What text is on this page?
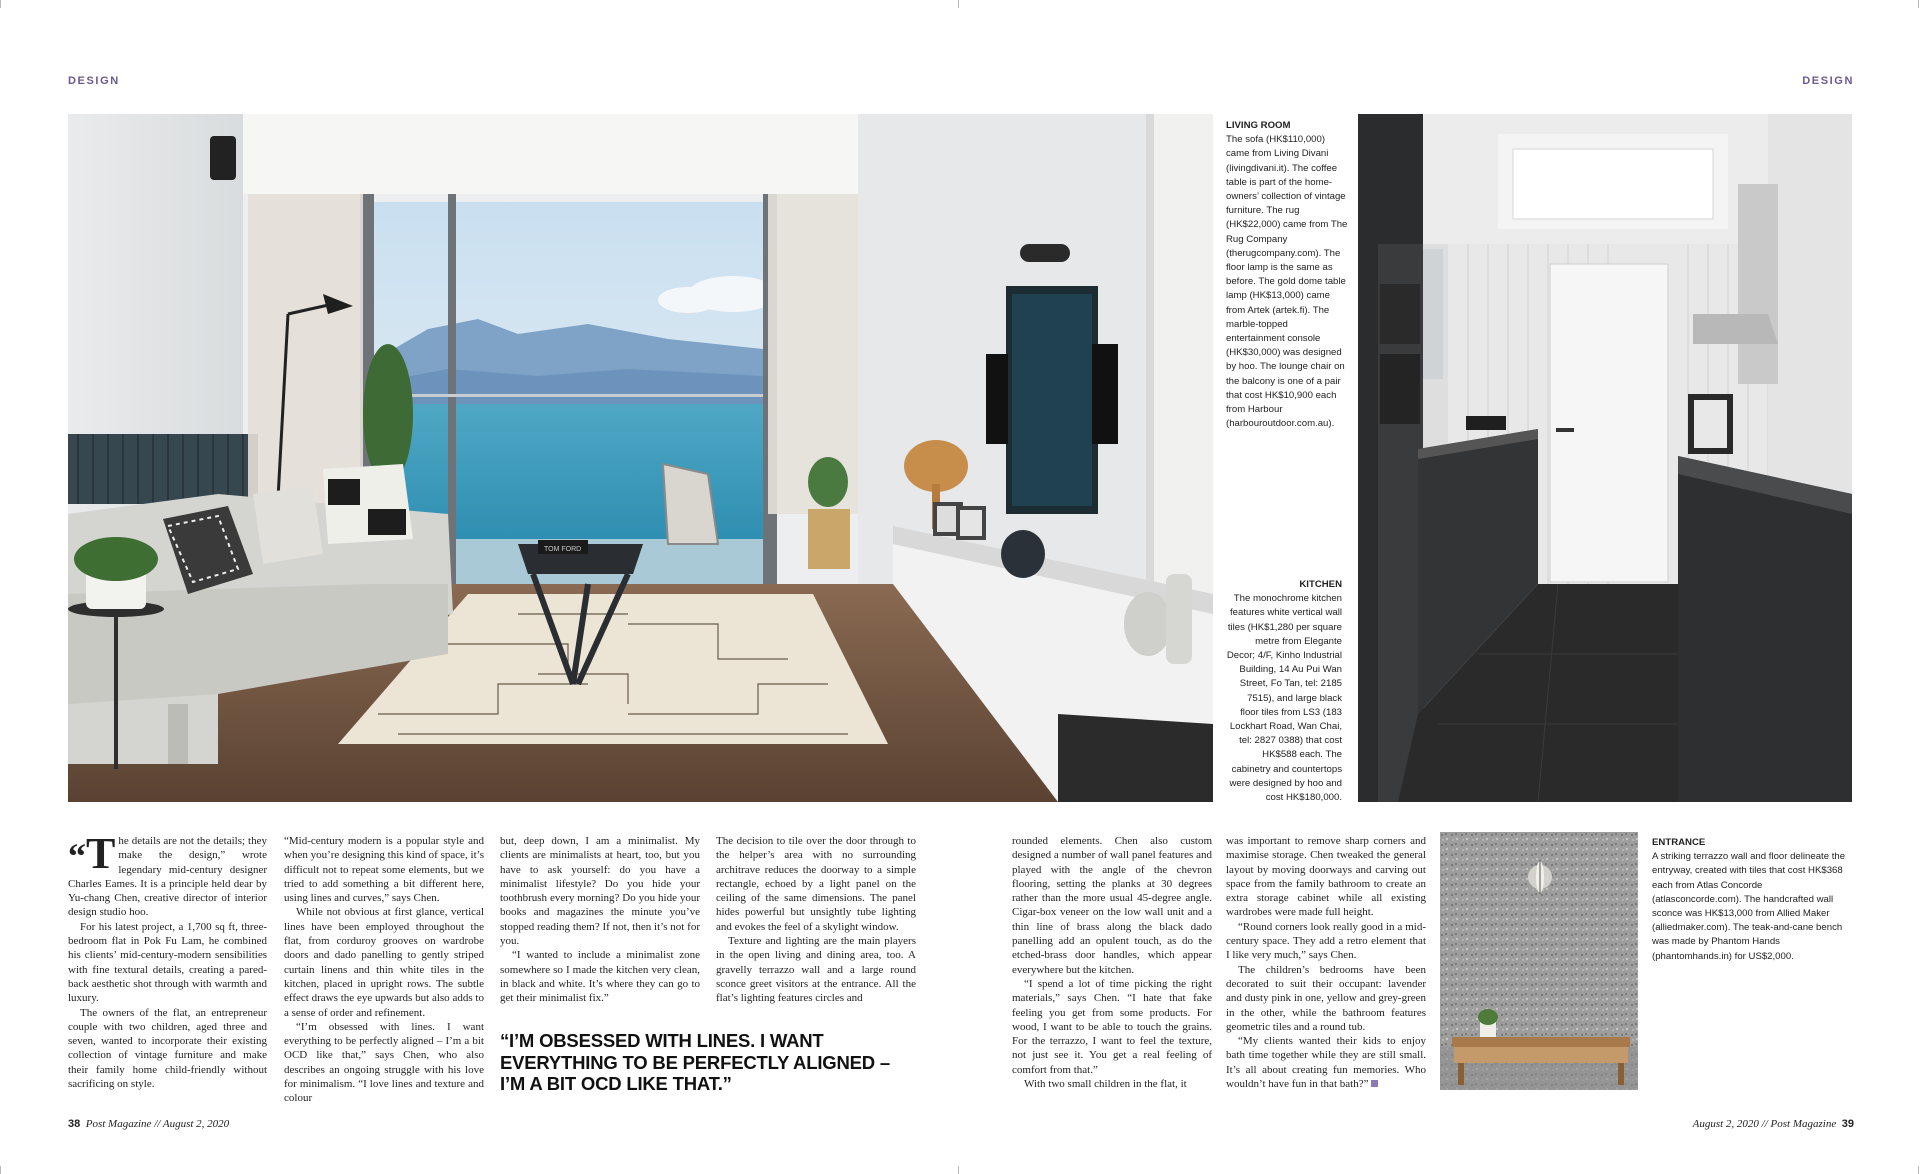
DESIGN	DESIGN
TOM FORD
LIVING ROOM
The sofa (HK$110,000) came from Living Divani (livingdivani.it). The coffee table is part of the home-owners’ collection of vintage furniture. The rug (HK$22,000) came from The Rug Company (therugcompany.com). The floor lamp is the same as before. The gold dome table lamp (HK$13,000) came from Artek (artek.fi). The marble-topped entertainment console (HK$30,000) was designed by hoo. The lounge chair on the balcony is one of a pair that cost HK$10,900 each from Harbour (harbouroutdoor.com.au).
KITCHEN
The monochrome kitchen features white vertical wall tiles (HK$1,280 per square metre from Elegante Decor; 4/F, Kinho Industrial Building, 14 Au Pui Wan Street, Fo Tan, tel: 2185 7515), and large black floor tiles from LS3 (183 Lockhart Road, Wan Chai, tel: 2827 0388) that cost HK$588 each. The cabinetry and countertops were designed by hoo and cost HK$180,000.

“T he details are not the details; they make the design,” wrote legendary mid-century designer Charles Eames. It is a principle held dear by Yu-chang Chen, creative director of interior design studio hoo.

For his latest project, a 1,700 sq ft, three-bedroom flat in Pok Fu Lam, he combined his clients’ mid-century-modern sensibilities with fine textural details, creating a pared-back aesthetic shot through with warmth and luxury.

The owners of the flat, an entrepreneur couple with two children, aged three and seven, wanted to incorporate their existing collection of vintage furniture and make their family home child-friendly without sacrificing on style.

“Mid-century modern is a popular style and when you’re designing this kind of space, it’s difficult not to repeat some elements, but we tried to add something a bit different here, using lines and curves,” says Chen.

While not obvious at first glance, vertical lines have been employed throughout the flat, from corduroy grooves on wardrobe doors and dado panelling to gently striped curtain linens and thin white tiles in the kitchen, placed in upright rows. The subtle effect draws the eye upwards but also adds to a sense of order and refinement.

“I’m obsessed with lines. I want everything to be perfectly aligned – I’m a bit OCD like that,” says Chen, who also describes an ongoing struggle with his love for minimalism. “I love lines and texture and colour

but, deep down, I am a minimalist. My clients are minimalists at heart, too, but you have to ask yourself: do you have a minimalist lifestyle? Do you hide your toothbrush every morning? Do you hide your books and magazines the minute you’ve stopped reading them? If not, then it’s not for you.

“I wanted to include a minimalist zone somewhere so I made the kitchen very clean, in black and white. It’s where they can go to get their minimalist fix.”

The decision to tile over the door through to the helper’s area with no surrounding architrave reduces the doorway to a simple rectangle, echoed by a light panel on the ceiling of the same dimensions. The panel hides powerful but unsightly tube lighting and evokes the feel of a skylight window.

Texture and lighting are the main players in the open living and dining area, too. A gravelly terrazzo wall and a large round sconce greet visitors at the entrance. All the flat’s lighting features circles and

“I’M OBSESSED WITH LINES. I WANT EVERYTHING TO BE PERFECTLY ALIGNED – I’M A BIT OCD LIKE THAT.”

rounded elements. Chen also custom designed a number of wall panel features and played with the angle of the chevron flooring, setting the planks at 30 degrees rather than the more usual 45-degree angle. Cigar-box veneer on the low wall unit and a thin line of brass along the black dado panelling add an opulent touch, as do the etched-brass door handles, which appear everywhere but the kitchen.

“I spend a lot of time picking the right materials,” says Chen. “I hate that fake feeling you get from some products. For wood, I want to be able to touch the grains. For the terrazzo, I want to feel the texture, not just see it. You get a real feeling of comfort from that.”

With two small children in the flat, it

was important to remove sharp corners and maximise storage. Chen tweaked the general layout by moving doorways and carving out space from the family bathroom to create an extra storage cabinet while all existing wardrobes were made full height.

“Round corners look really good in a mid-century space. They add a retro element that I like very much,” says Chen.

The children’s bedrooms have been decorated to suit their occupant: lavender and dusty pink in one, yellow and grey-green in the other, while the bathroom features geometric tiles and a round tub.

“My clients wanted their kids to enjoy bath time together while they are still small. It’s all about creating fun memories. Who wouldn’t have fun in that bath?”

ENTRANCE
A striking terrazzo wall and floor delineate the entryway, created with tiles that cost HK$368 each from Atlas Concorde (atlasconcorde.com). The handcrafted wall sconce was HK$13,000 from Allied Maker (alliedmaker.com). The teak-and-cane bench was made by Phantom Hands (phantomhands.in) for US$2,000.
38 Post Magazine // August 2, 2020	August 2, 2020 // Post Magazine 39
